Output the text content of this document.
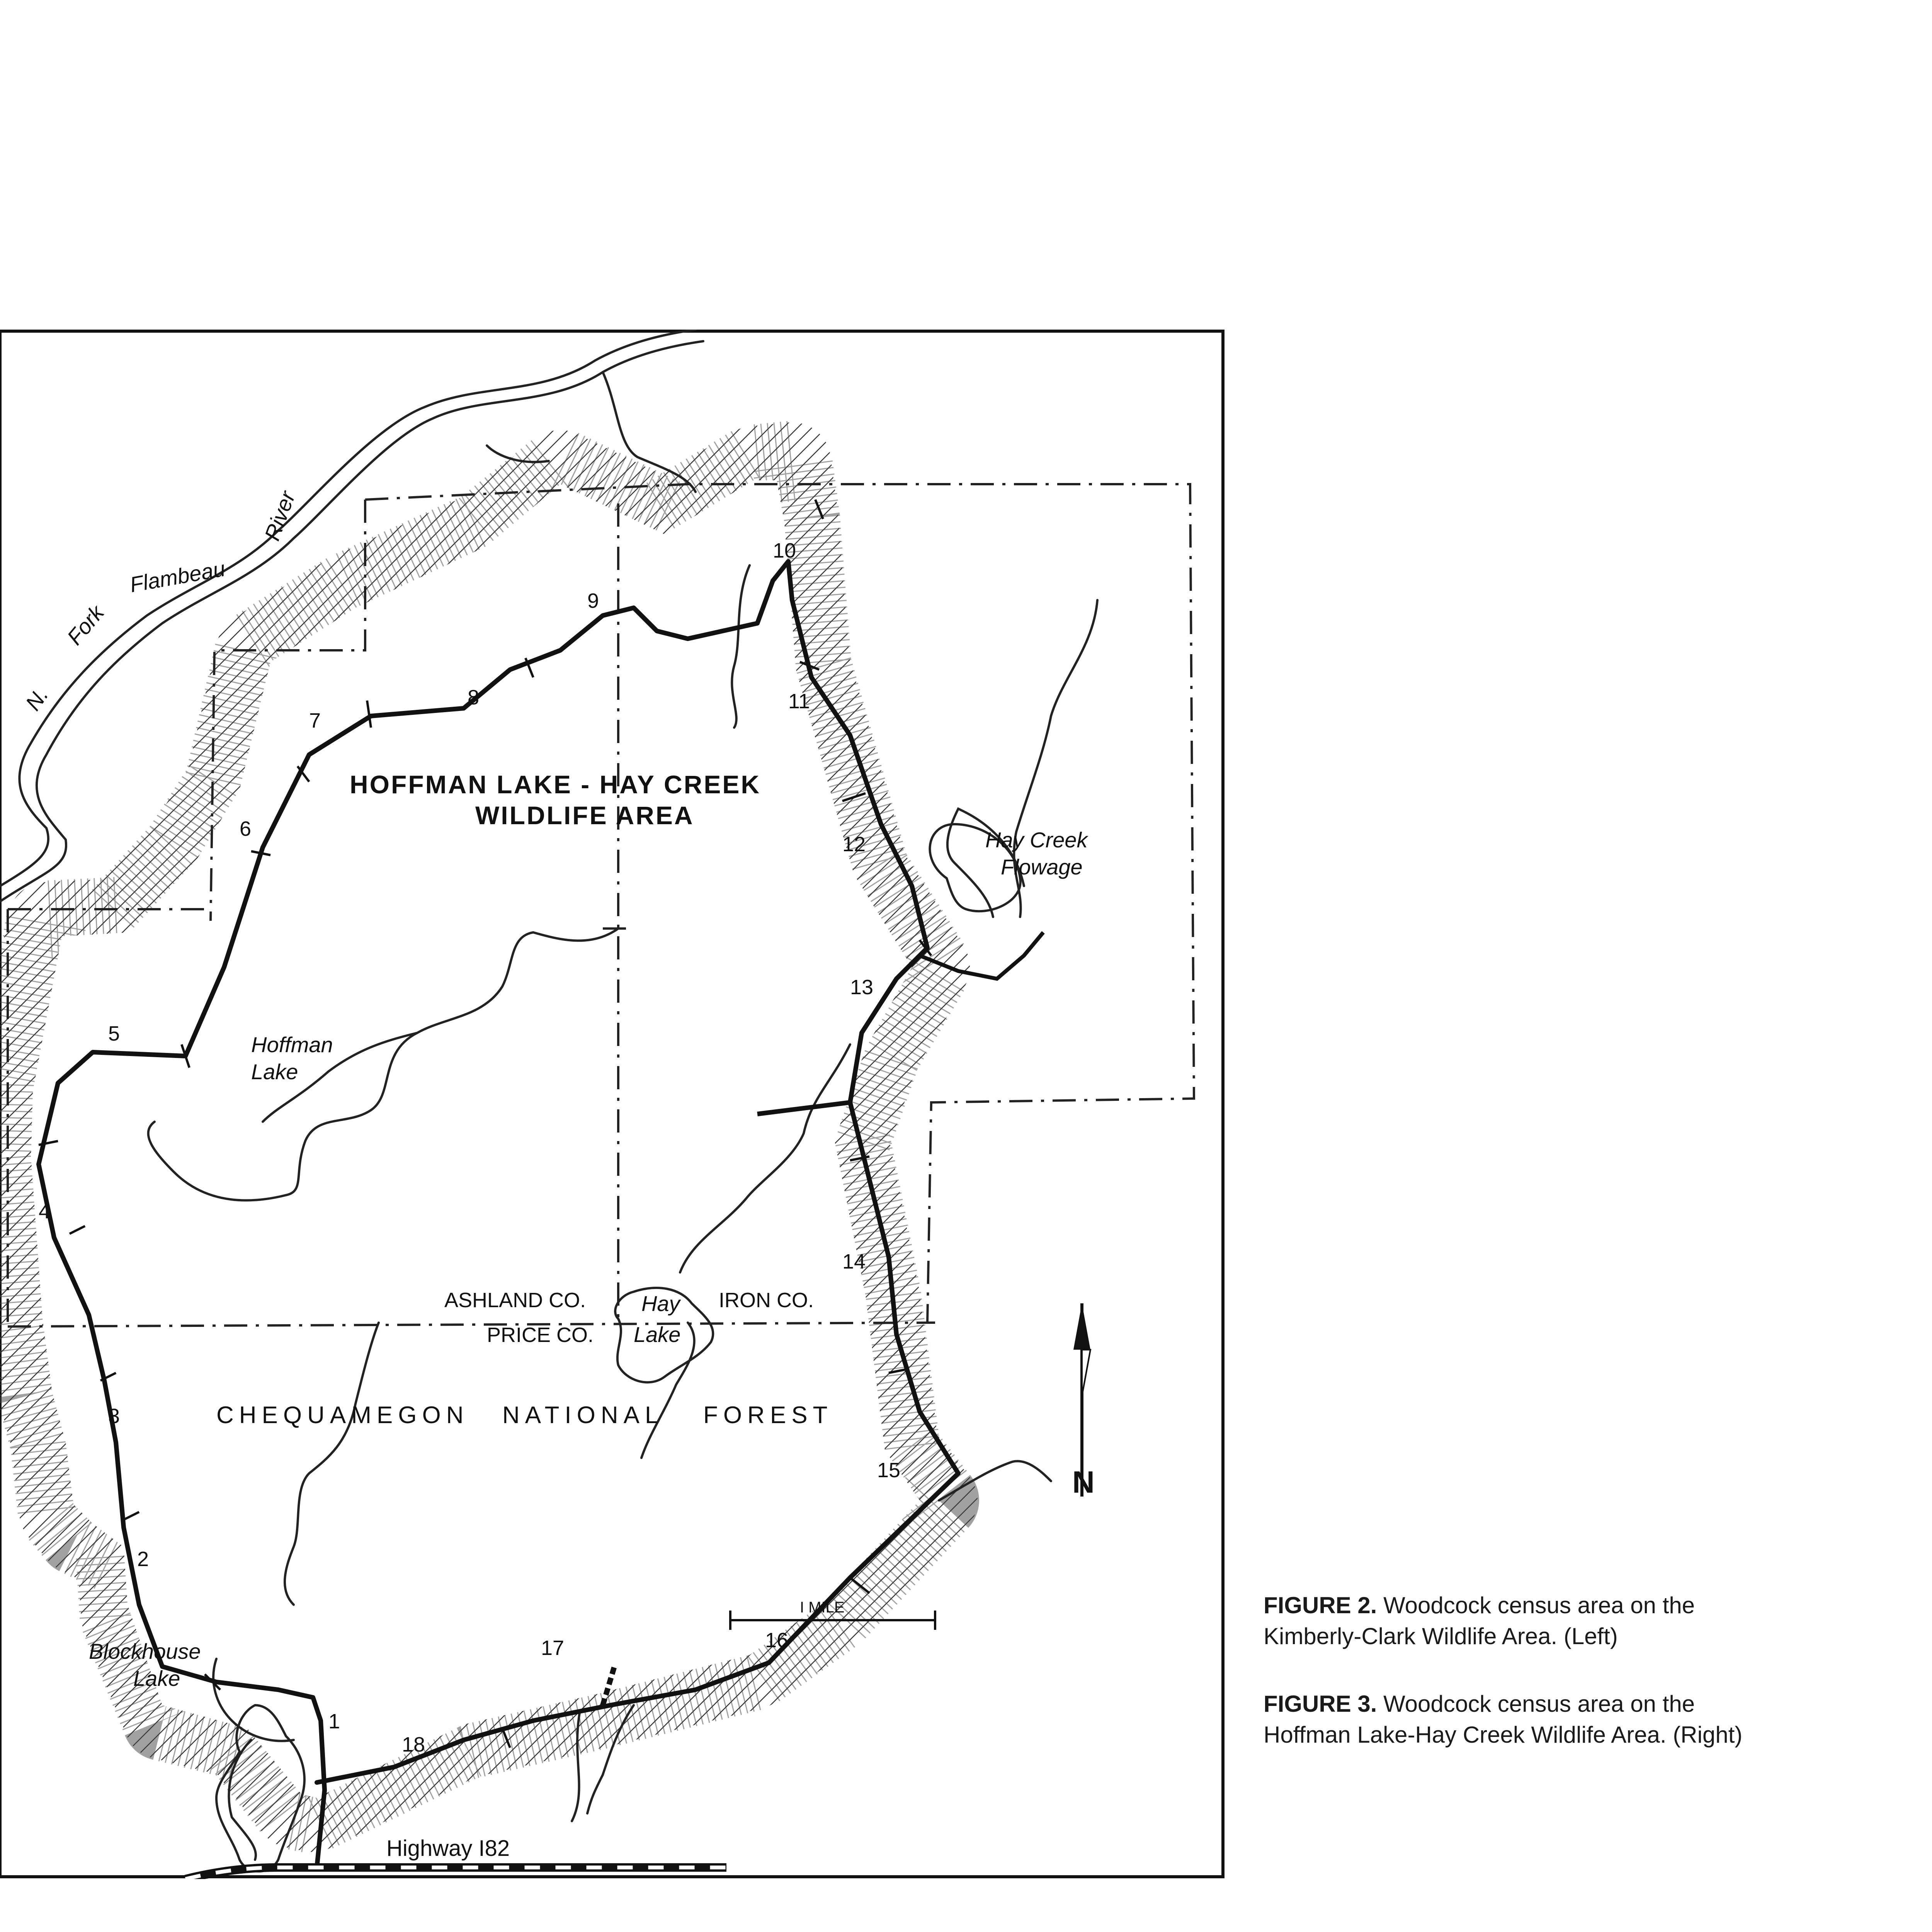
HOFFMAN LAKE - HAY CREEK
WILDLIFE AREA
N.
Fork
Flambeau
River
Hay Creek
Flowage
Hoffman
Lake
ASHLAND CO.
PRICE CO.
IRON CO.
Hay
Lake
CHEQUAMEGON NATIONAL FOREST
Blockhouse
Lake
I MILE
Highway I82
N
1
2
3
4
5
6
7
8
9
10
11
12
13
14
15
16
17
18
FIGURE 2. Woodcock census area on the Kimberly-Clark Wildlife Area. (Left)
FIGURE 3. Woodcock census area on the Hoffman Lake-Hay Creek Wildlife Area. (Right)
